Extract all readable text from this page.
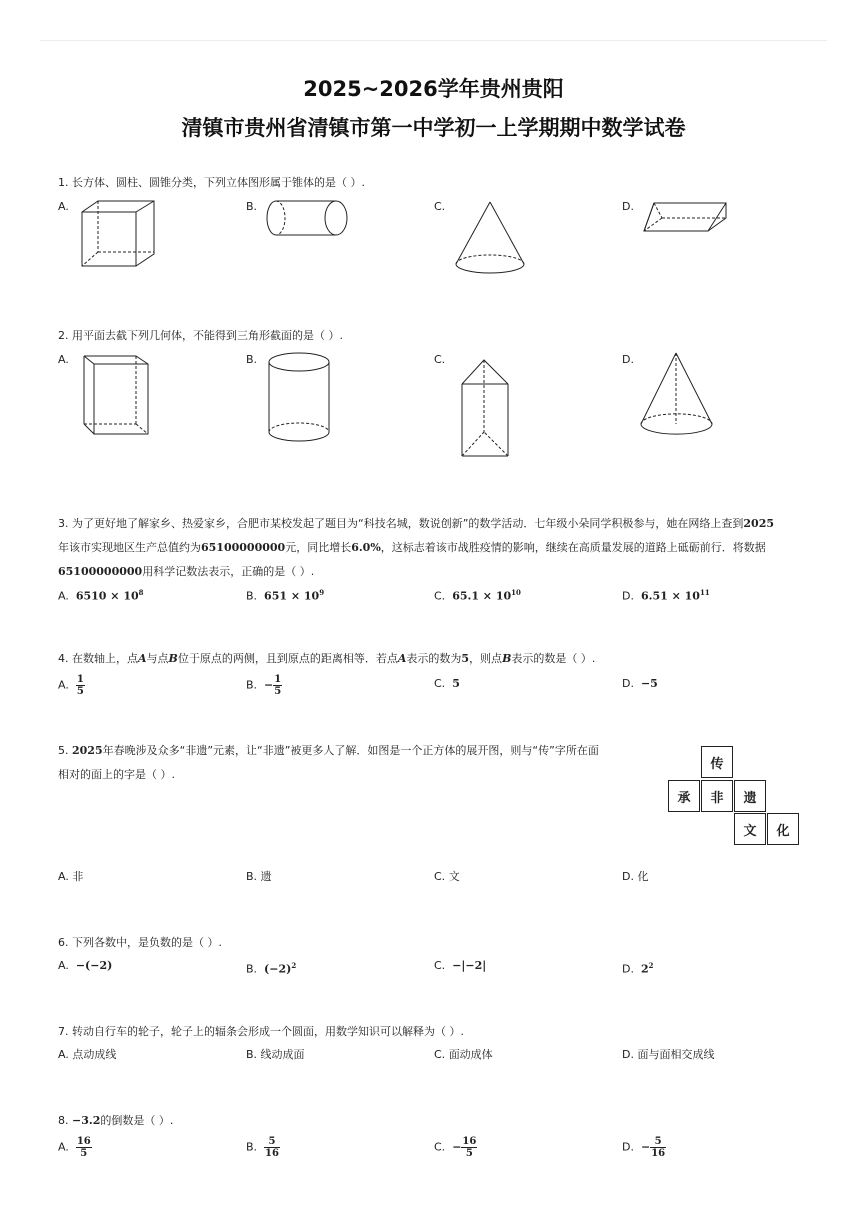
2025~2026学年贵州贵阳
清镇市贵州省清镇市第一中学初一上学期期中数学试卷
1. 长方体、圆柱、圆锥分类，下列立体图形属于锥体的是（ ）.
A.	B.	C.	D.
2. 用平面去截下列几何体，不能得到三角形截面的是（ ）.
A.	B.	C.	D.
3. 为了更好地了解家乡、热爱家乡，合肥市某校发起了题目为“科技名城，数说创新”的数学活动．七年级小朵同学积极参与，她在网络上查到2025
年该市实现地区生产总值约为65100000000元，同比增长6.0%，这标志着该市战胜疫情的影响，继续在高质量发展的道路上砥砺前行．将数据
65100000000用科学记数法表示，正确的是（ ）.
A. $6510 \times 10^8$	B. $651 \times 10^9$	C. $65.1 \times 10^{10}$	D. $6.51 \times 10^{11}$
4. 在数轴上，点A与点B位于原点的两侧，且到原点的距离相等．若点A表示的数为5，则点B表示的数是（ ）.
A. $\frac{1}{5}$	B. − $\frac{1}{5}$	C. 5	D. −5
5. 2025年春晚涉及众多“非遗”元素，让“非遗”被更多人了解．如图是一个正方体的展开图，则与“传”字所在面
相对的面上的字是（ ）.
传
承	非	遗
文	化
A. 非	B. 遗	C. 文	D. 化
6. 下列各数中，是负数的是（ ）.
A. −(−2)	B. $(-2)^2$	C. −|−2|	D. $2^2$
7. 转动自行车的轮子，轮子上的辐条会形成一个圆面，用数学知识可以解释为（ ）.
A. 点动成线	B. 线动成面	C. 面动成体	D. 面与面相交成线
8. −3.2的倒数是（ ）.
A. $\frac{16}{5}$	B. $\frac{5}{16}$	C. − $\frac{16}{5}$	D. − $\frac{5}{16}$
